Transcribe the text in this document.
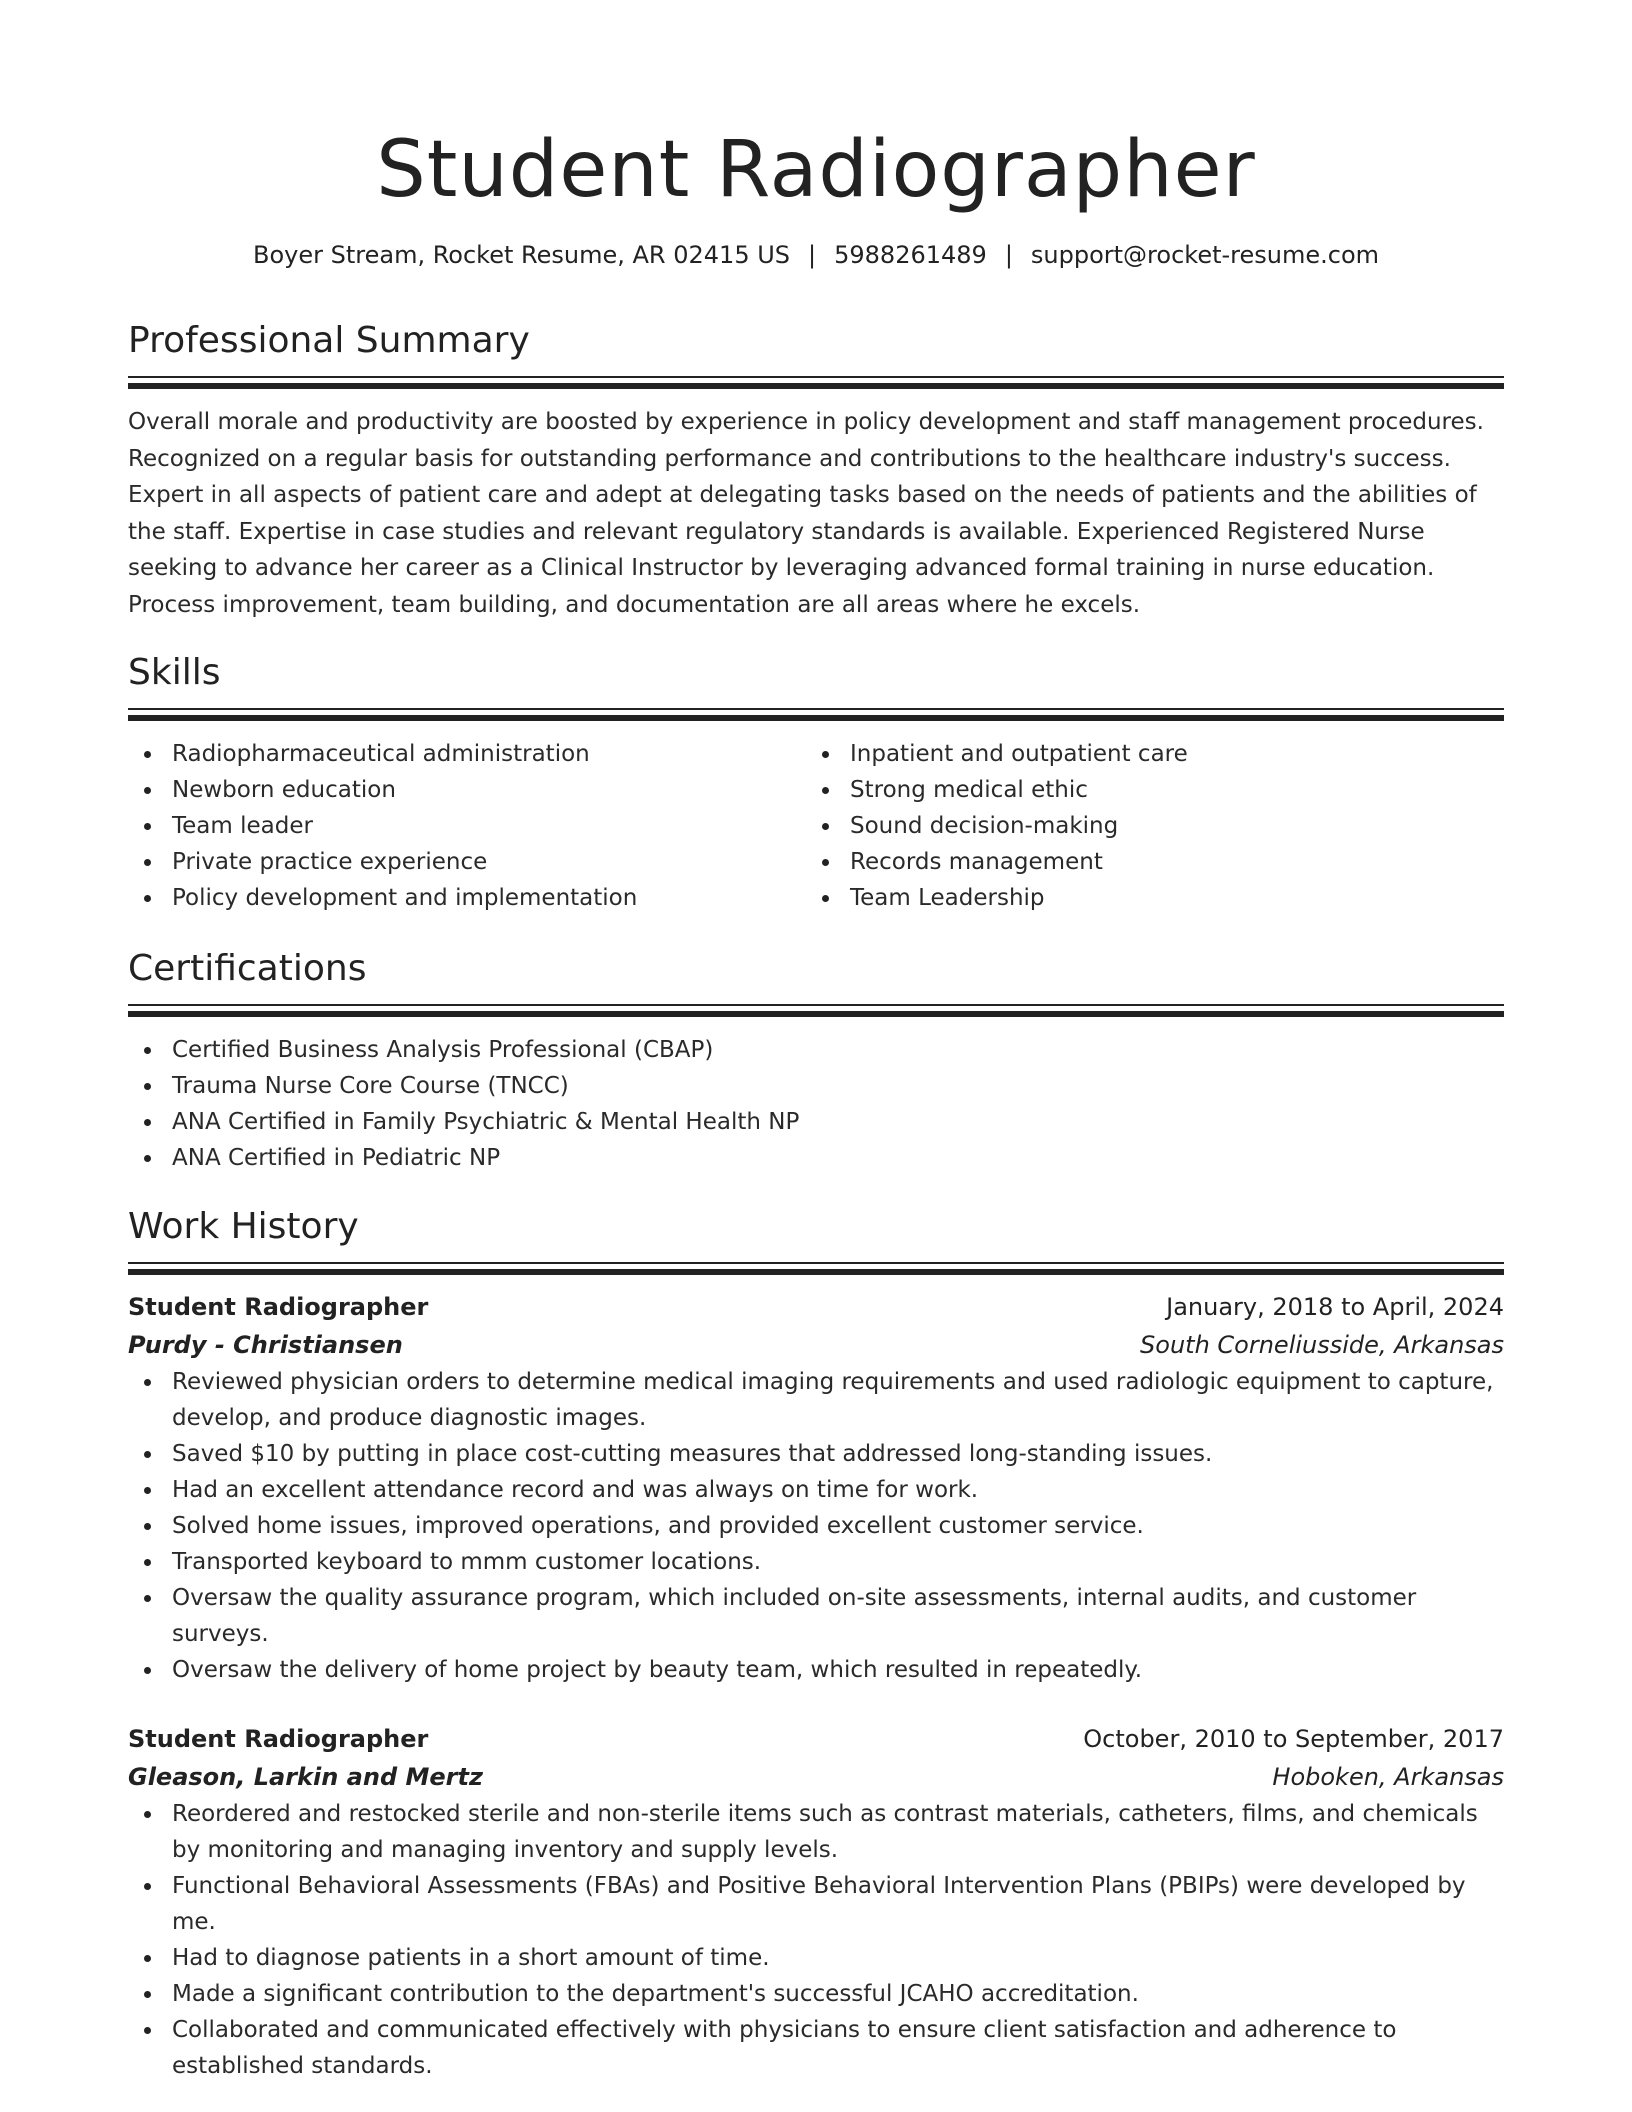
Student Radiographer
Boyer Stream, Rocket Resume, AR 02415 US | 5988261489 | support@rocket-resume.com
Professional Summary
Overall morale and productivity are boosted by experience in policy development and staff management procedures. Recognized on a regular basis for outstanding performance and contributions to the healthcare industry's success. Expert in all aspects of patient care and adept at delegating tasks based on the needs of patients and the abilities of the staff. Expertise in case studies and relevant regulatory standards is available. Experienced Registered Nurse seeking to advance her career as a Clinical Instructor by leveraging advanced formal training in nurse education. Process improvement, team building, and documentation are all areas where he excels.
Skills
Radiopharmaceutical administration
Newborn education
Team leader
Private practice experience
Policy development and implementation
Inpatient and outpatient care
Strong medical ethic
Sound decision-making
Records management
Team Leadership
Certifications
Certified Business Analysis Professional (CBAP)
Trauma Nurse Core Course (TNCC)
ANA Certified in Family Psychiatric & Mental Health NP
ANA Certified in Pediatric NP
Work History
Student Radiographer	January, 2018 to April, 2024
Purdy - Christiansen	South Corneliusside, Arkansas
Reviewed physician orders to determine medical imaging requirements and used radiologic equipment to capture, develop, and produce diagnostic images.
Saved $10 by putting in place cost-cutting measures that addressed long-standing issues.
Had an excellent attendance record and was always on time for work.
Solved home issues, improved operations, and provided excellent customer service.
Transported keyboard to mmm customer locations.
Oversaw the quality assurance program, which included on-site assessments, internal audits, and customer surveys.
Oversaw the delivery of home project by beauty team, which resulted in repeatedly.
Student Radiographer	October, 2010 to September, 2017
Gleason, Larkin and Mertz	Hoboken, Arkansas
Reordered and restocked sterile and non-sterile items such as contrast materials, catheters, films, and chemicals by monitoring and managing inventory and supply levels.
Functional Behavioral Assessments (FBAs) and Positive Behavioral Intervention Plans (PBIPs) were developed by me.
Had to diagnose patients in a short amount of time.
Made a significant contribution to the department's successful JCAHO accreditation.
Collaborated and communicated effectively with physicians to ensure client satisfaction and adherence to established standards.
